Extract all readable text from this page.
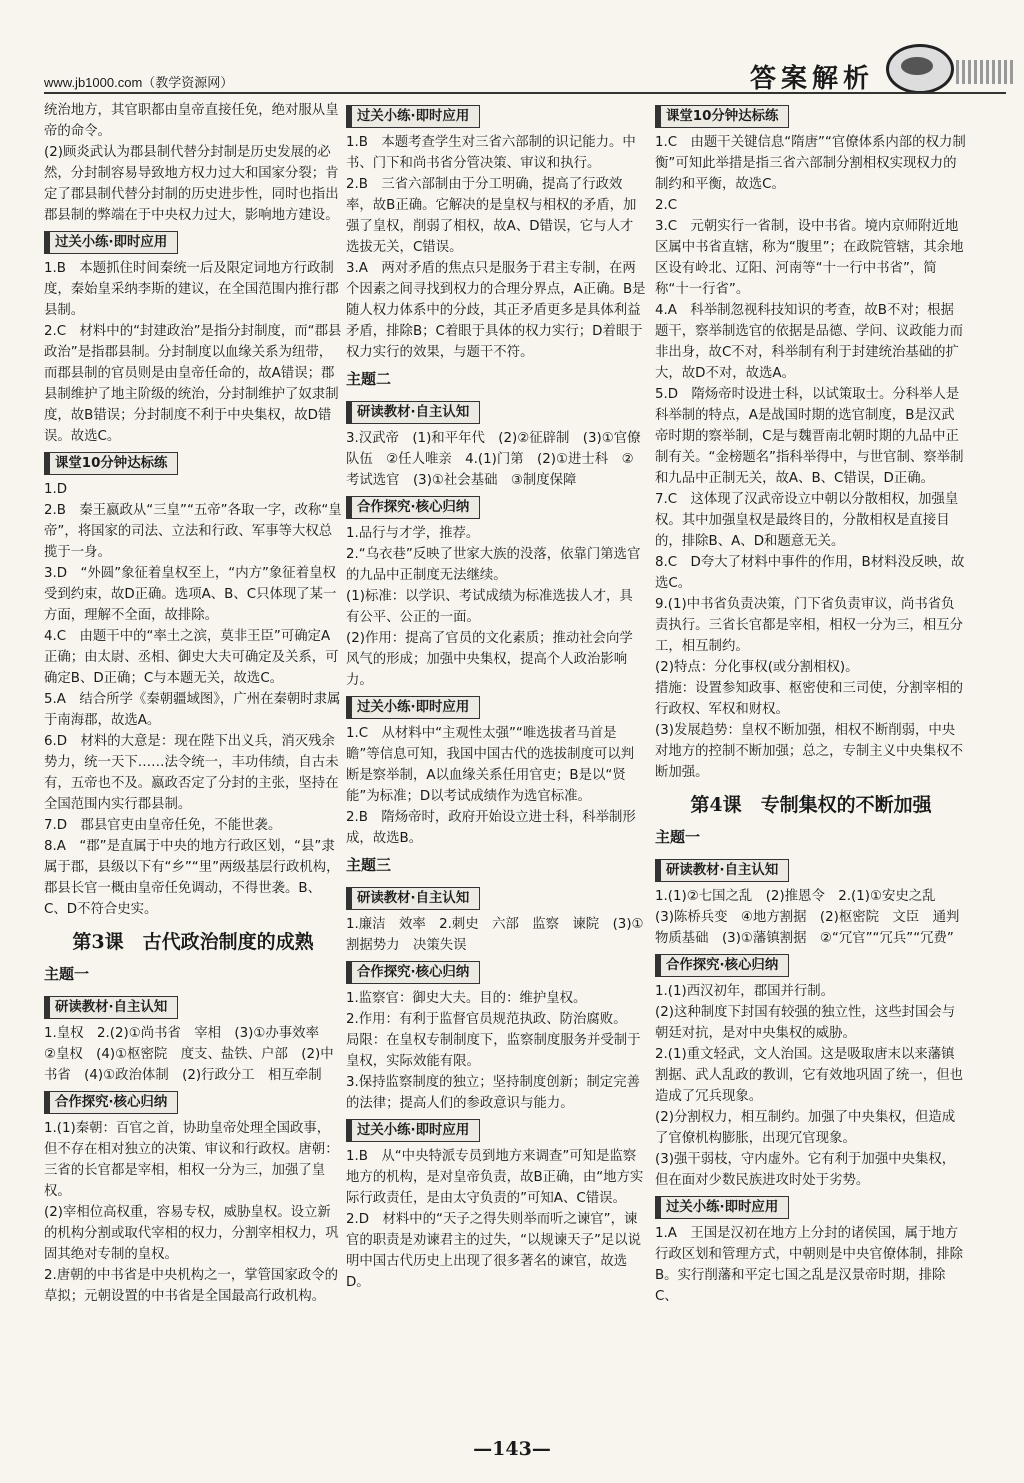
www.jb1000.com（教学资源网）	答案解析

统治地方，其官职都由皇帝直接任免，绝对服从皇帝的命令。

(2)顾炎武认为郡县制代替分封制是历史发展的必然，分封制容易导致地方权力过大和国家分裂；肯定了郡县制代替分封制的历史进步性，同时也指出郡县制的弊端在于中央权力过大，影响地方建设。

过关小练·即时应用

1.B　本题抓住时间秦统一后及限定词地方行政制度，秦始皇采纳李斯的建议，在全国范围内推行郡县制。

2.C　材料中的“封建政治”是指分封制度，而“郡县政治”是指郡县制。分封制度以血缘关系为纽带，而郡县制的官员则是由皇帝任命的，故A错误；郡县制维护了地主阶级的统治，分封制维护了奴隶制度，故B错误；分封制度不利于中央集权，故D错误。故选C。

课堂10分钟达标练

1.D

2.B　秦王嬴政从“三皇”“五帝”各取一字，改称“皇帝”，将国家的司法、立法和行政、军事等大权总揽于一身。

3.D　“外圆”象征着皇权至上，“内方”象征着皇权受到约束，故D正确。选项A、B、C只体现了某一方面，理解不全面，故排除。

4.C　由题干中的“率土之滨，莫非王臣”可确定A正确；由太尉、丞相、御史大夫可确定及关系，可确定B、D正确；C与本题无关，故选C。

5.A　结合所学《秦朝疆域图》，广州在秦朝时隶属于南海郡，故选A。

6.D　材料的大意是：现在陛下出义兵，消灭残余势力，统一天下……法令统一，丰功伟绩，自古未有，五帝也不及。嬴政否定了分封的主张，坚持在全国范围内实行郡县制。

7.D　郡县官吏由皇帝任免，不能世袭。

8.A　“郡”是直属于中央的地方行政区划，“县”隶属于郡，县级以下有“乡”“里”两级基层行政机构，郡县长官一概由皇帝任免调动，不得世袭。B、C、D不符合史实。

第3课　古代政治制度的成熟
主题一
研读教材·自主认知

1.皇权　2.(2)①尚书省　宰相　(3)①办事效率　②皇权　(4)①枢密院　度支、盐铁、户部　(2)中书省　(4)①政治体制　(2)行政分工　相互牵制

合作探究·核心归纳

1.(1)秦朝：百官之首，协助皇帝处理全国政事，但不存在相对独立的决策、审议和行政权。唐朝：三省的长官都是宰相，相权一分为三，加强了皇权。

(2)宰相位高权重，容易专权，威胁皇权。设立新的机构分割或取代宰相的权力，分割宰相权力，巩固其绝对专制的皇权。

2.唐朝的中书省是中央机构之一，掌管国家政令的草拟；元朝设置的中书省是全国最高行政机构。

过关小练·即时应用

1.B　本题考查学生对三省六部制的识记能力。中书、门下和尚书省分管决策、审议和执行。

2.B　三省六部制由于分工明确，提高了行政效率，故B正确。它解决的是皇权与相权的矛盾，加强了皇权，削弱了相权，故A、D错误，它与人才选拔无关，C错误。

3.A　两对矛盾的焦点只是服务于君主专制，在两个因素之间寻找到权力的合理分界点，A正确。B是随人权力体系中的分歧，其正矛盾更多是具体利益矛盾，排除B；C着眼于具体的权力实行；D着眼于权力实行的效果，与题干不符。

主题二
研读教材·自主认知

3.汉武帝　(1)和平年代　(2)②征辟制　(3)①官僚队伍　②任人唯亲　4.(1)门第　(2)①进士科　②考试选官　(3)①社会基础　③制度保障

合作探究·核心归纳

1.品行与才学，推荐。

2.“乌衣巷”反映了世家大族的没落，依靠门第选官的九品中正制度无法继续。

(1)标准：以学识、考试成绩为标准选拔人才，具有公平、公正的一面。

(2)作用：提高了官员的文化素质；推动社会向学风气的形成；加强中央集权，提高个人政治影响力。

过关小练·即时应用

1.C　从材料中“主观性太强”“唯选拔者马首是瞻”等信息可知，我国中国古代的选拔制度可以判断是察举制，A以血缘关系任用官吏；B是以“贤能”为标准；D以考试成绩作为选官标准。

2.B　隋炀帝时，政府开始设立进士科，科举制形成，故选B。

主题三
研读教材·自主认知

1.廉洁　效率　2.刺史　六部　监察　谏院　(3)①割据势力　决策失误

合作探究·核心归纳

1.监察官：御史大夫。目的：维护皇权。

2.作用：有利于监督官员规范执政、防治腐败。

局限：在皇权专制制度下，监察制度服务并受制于皇权，实际效能有限。

3.保持监察制度的独立；坚持制度创新；制定完善的法律；提高人们的参政意识与能力。

过关小练·即时应用

1.B　从“中央特派专员到地方来调查”可知是监察地方的机构，是对皇帝负责，故B正确，由“地方实际行政责任，是由太守负责的”可知A、C错误。

2.D　材料中的“天子之得失则举而听之谏官”，谏官的职责是劝谏君主的过失，“以规谏天子”足以说明中国古代历史上出现了很多著名的谏官，故选D。

课堂10分钟达标练

1.C　由题干关键信息“隋唐”“官僚体系内部的权力制衡”可知此举措是指三省六部制分割相权实现权力的制约和平衡，故选C。

2.C

3.C　元朝实行一省制，设中书省。境内京师附近地区属中书省直辖，称为“腹里”；在政院管辖，其余地区设有岭北、辽阳、河南等“十一行中书省”，简称“十一行省”。

4.A　科举制忽视科技知识的考查，故B不对；根据题干，察举制选官的依据是品德、学问、议政能力而非出身，故C不对，科举制有利于封建统治基础的扩大，故D不对，故选A。

5.D　隋炀帝时设进士科，以试策取士。分科举人是科举制的特点，A是战国时期的选官制度，B是汉武帝时期的察举制，C是与魏晋南北朝时期的九品中正制有关。“金榜题名”指科举得中，与世官制、察举制和九品中正制无关，故A、B、C错误，D正确。

7.C　这体现了汉武帝设立中朝以分散相权，加强皇权。其中加强皇权是最终目的，分散相权是直接目的，排除B、A、D和题意无关。

8.C　D夸大了材料中事件的作用，B材料没反映，故选C。

9.(1)中书省负责决策，门下省负责审议，尚书省负责执行。三省长官都是宰相，相权一分为三，相互分工，相互制约。

(2)特点：分化事权(或分割相权)。

措施：设置参知政事、枢密使和三司使，分割宰相的行政权、军权和财权。

(3)发展趋势：皇权不断加强，相权不断削弱，中央对地方的控制不断加强；总之，专制主义中央集权不断加强。

第4课　专制集权的不断加强
主题一
研读教材·自主认知

1.(1)②七国之乱　(2)推恩令　2.(1)①安史之乱　(3)陈桥兵变　④地方割据　(2)枢密院　文臣　通判　物质基础　(3)①藩镇割据　②“冗官”“冗兵”“冗费”

合作探究·核心归纳

1.(1)西汉初年，郡国并行制。

(2)这种制度下封国有较强的独立性，这些封国会与朝廷对抗，是对中央集权的威胁。

2.(1)重文轻武，文人治国。这是吸取唐末以来藩镇割据、武人乱政的教训，它有效地巩固了统一，但也造成了冗兵现象。

(2)分割权力，相互制约。加强了中央集权，但造成了官僚机构膨胀，出现冗官现象。

(3)强干弱枝，守内虚外。它有利于加强中央集权，但在面对少数民族进攻时处于劣势。

过关小练·即时应用

1.A　王国是汉初在地方上分封的诸侯国，属于地方行政区划和管理方式，中朝则是中央官僚体制，排除B。实行削藩和平定七国之乱是汉景帝时期，排除C、

—143—
